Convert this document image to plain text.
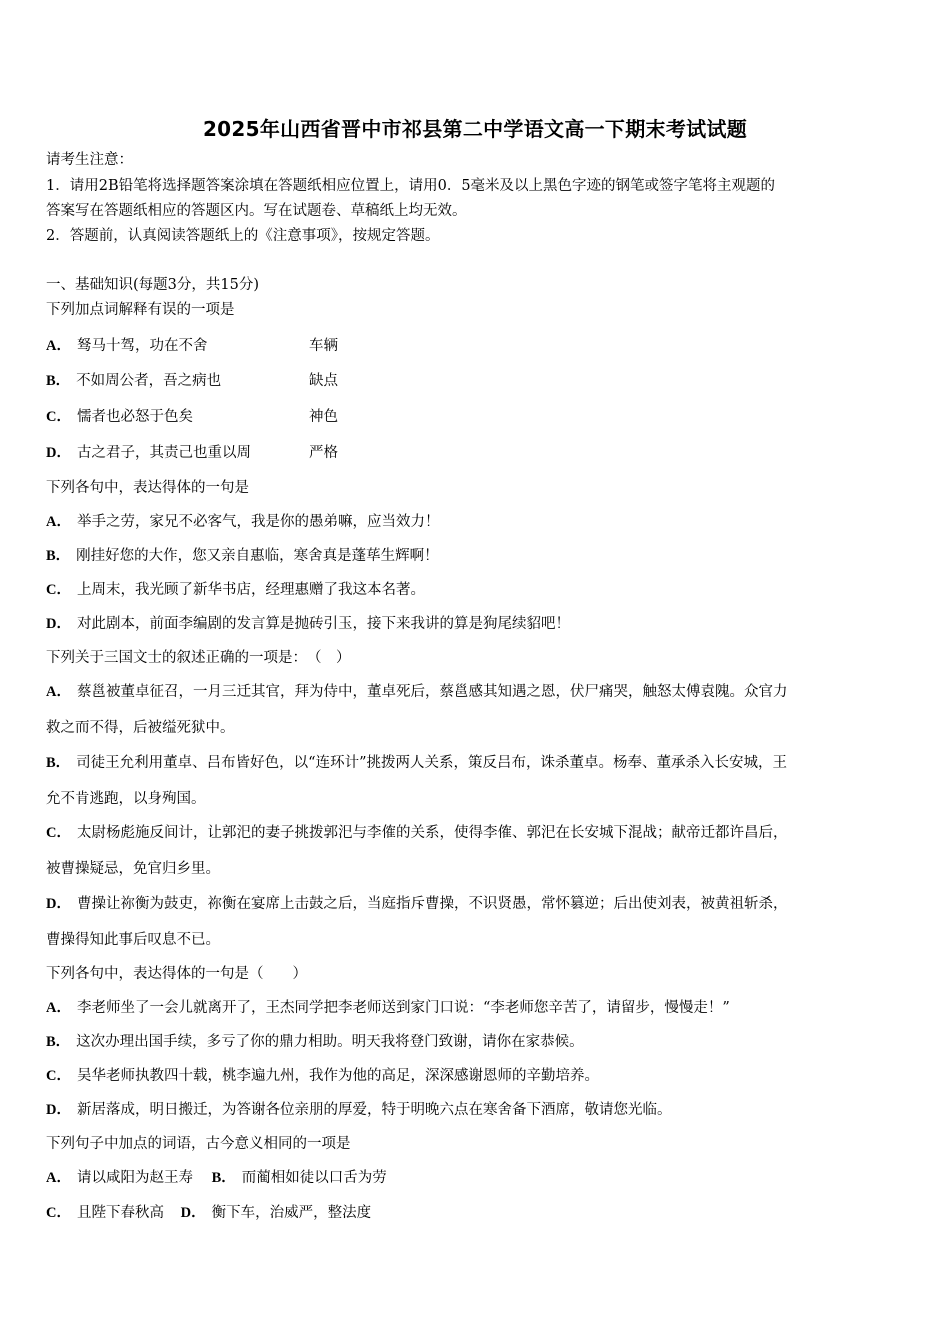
2025年山西省晋中市祁县第二中学语文高一下期末考试试题
请考生注意：
1．请用2B铅笔将选择题答案涂填在答题纸相应位置上，请用0．5毫米及以上黑色字迹的钢笔或签字笔将主观题的
答案写在答题纸相应的答题区内。写在试题卷、草稿纸上均无效。
2．答题前，认真阅读答题纸上的《注意事项》，按规定答题。
一、基础知识(每题3分，共15分)
下列加点词解释有误的一项是
A． 驽马十驾，功在不舍	车辆
B． 不如周公者，吾之病也	缺点
C． 懦者也必怒于色矣	神色
D． 古之君子，其责己也重以周	严格
下列各句中，表达得体的一句是
A． 举手之劳，家兄不必客气，我是你的愚弟嘛，应当效力！
B． 刚挂好您的大作，您又亲自惠临，寒舍真是蓬荜生辉啊！
C． 上周末，我光顾了新华书店，经理惠赠了我这本名著。
D． 对此剧本，前面李编剧的发言算是抛砖引玉，接下来我讲的算是狗尾续貂吧！
下列关于三国文士的叙述正确的一项是：　（　）
A． 蔡邕被董卓征召，一月三迁其官，拜为侍中，董卓死后，蔡邕感其知遇之恩，伏尸痛哭，触怒太傅袁隗。众官力
救之而不得，后被缢死狱中。
B． 司徒王允利用董卓、吕布皆好色，以“连环计”挑拨两人关系，策反吕布，诛杀董卓。杨奉、董承杀入长安城，王
允不肯逃跑，以身殉国。
C． 太尉杨彪施反间计，让郭汜的妻子挑拨郭汜与李傕的关系，使得李傕、郭汜在长安城下混战；献帝迁都许昌后，
被曹操疑忌，免官归乡里。
D． 曹操让祢衡为鼓吏，祢衡在宴席上击鼓之后，当庭指斥曹操，不识贤愚，常怀篡逆；后出使刘表，被黄祖斩杀，
曹操得知此事后叹息不已。
下列各句中，表达得体的一句是（　　）
A． 李老师坐了一会儿就离开了，王杰同学把李老师送到家门口说：“李老师您辛苦了，请留步，慢慢走！”
B． 这次办理出国手续，多亏了你的鼎力相助。明天我将登门致谢，请你在家恭候。
C． 吴华老师执教四十载，桃李遍九州，我作为他的高足，深深感谢恩师的辛勤培养。
D． 新居落成，明日搬迁，为答谢各位亲朋的厚爱，特于明晚六点在寒舍备下酒席，敬请您光临。
下列句子中加点的词语，古今意义相同的一项是
A． 请以咸阳为赵王寿 B． 而蔺相如徒以口舌为劳
C． 且陛下春秋高 D． 衡下车，治威严，整法度
